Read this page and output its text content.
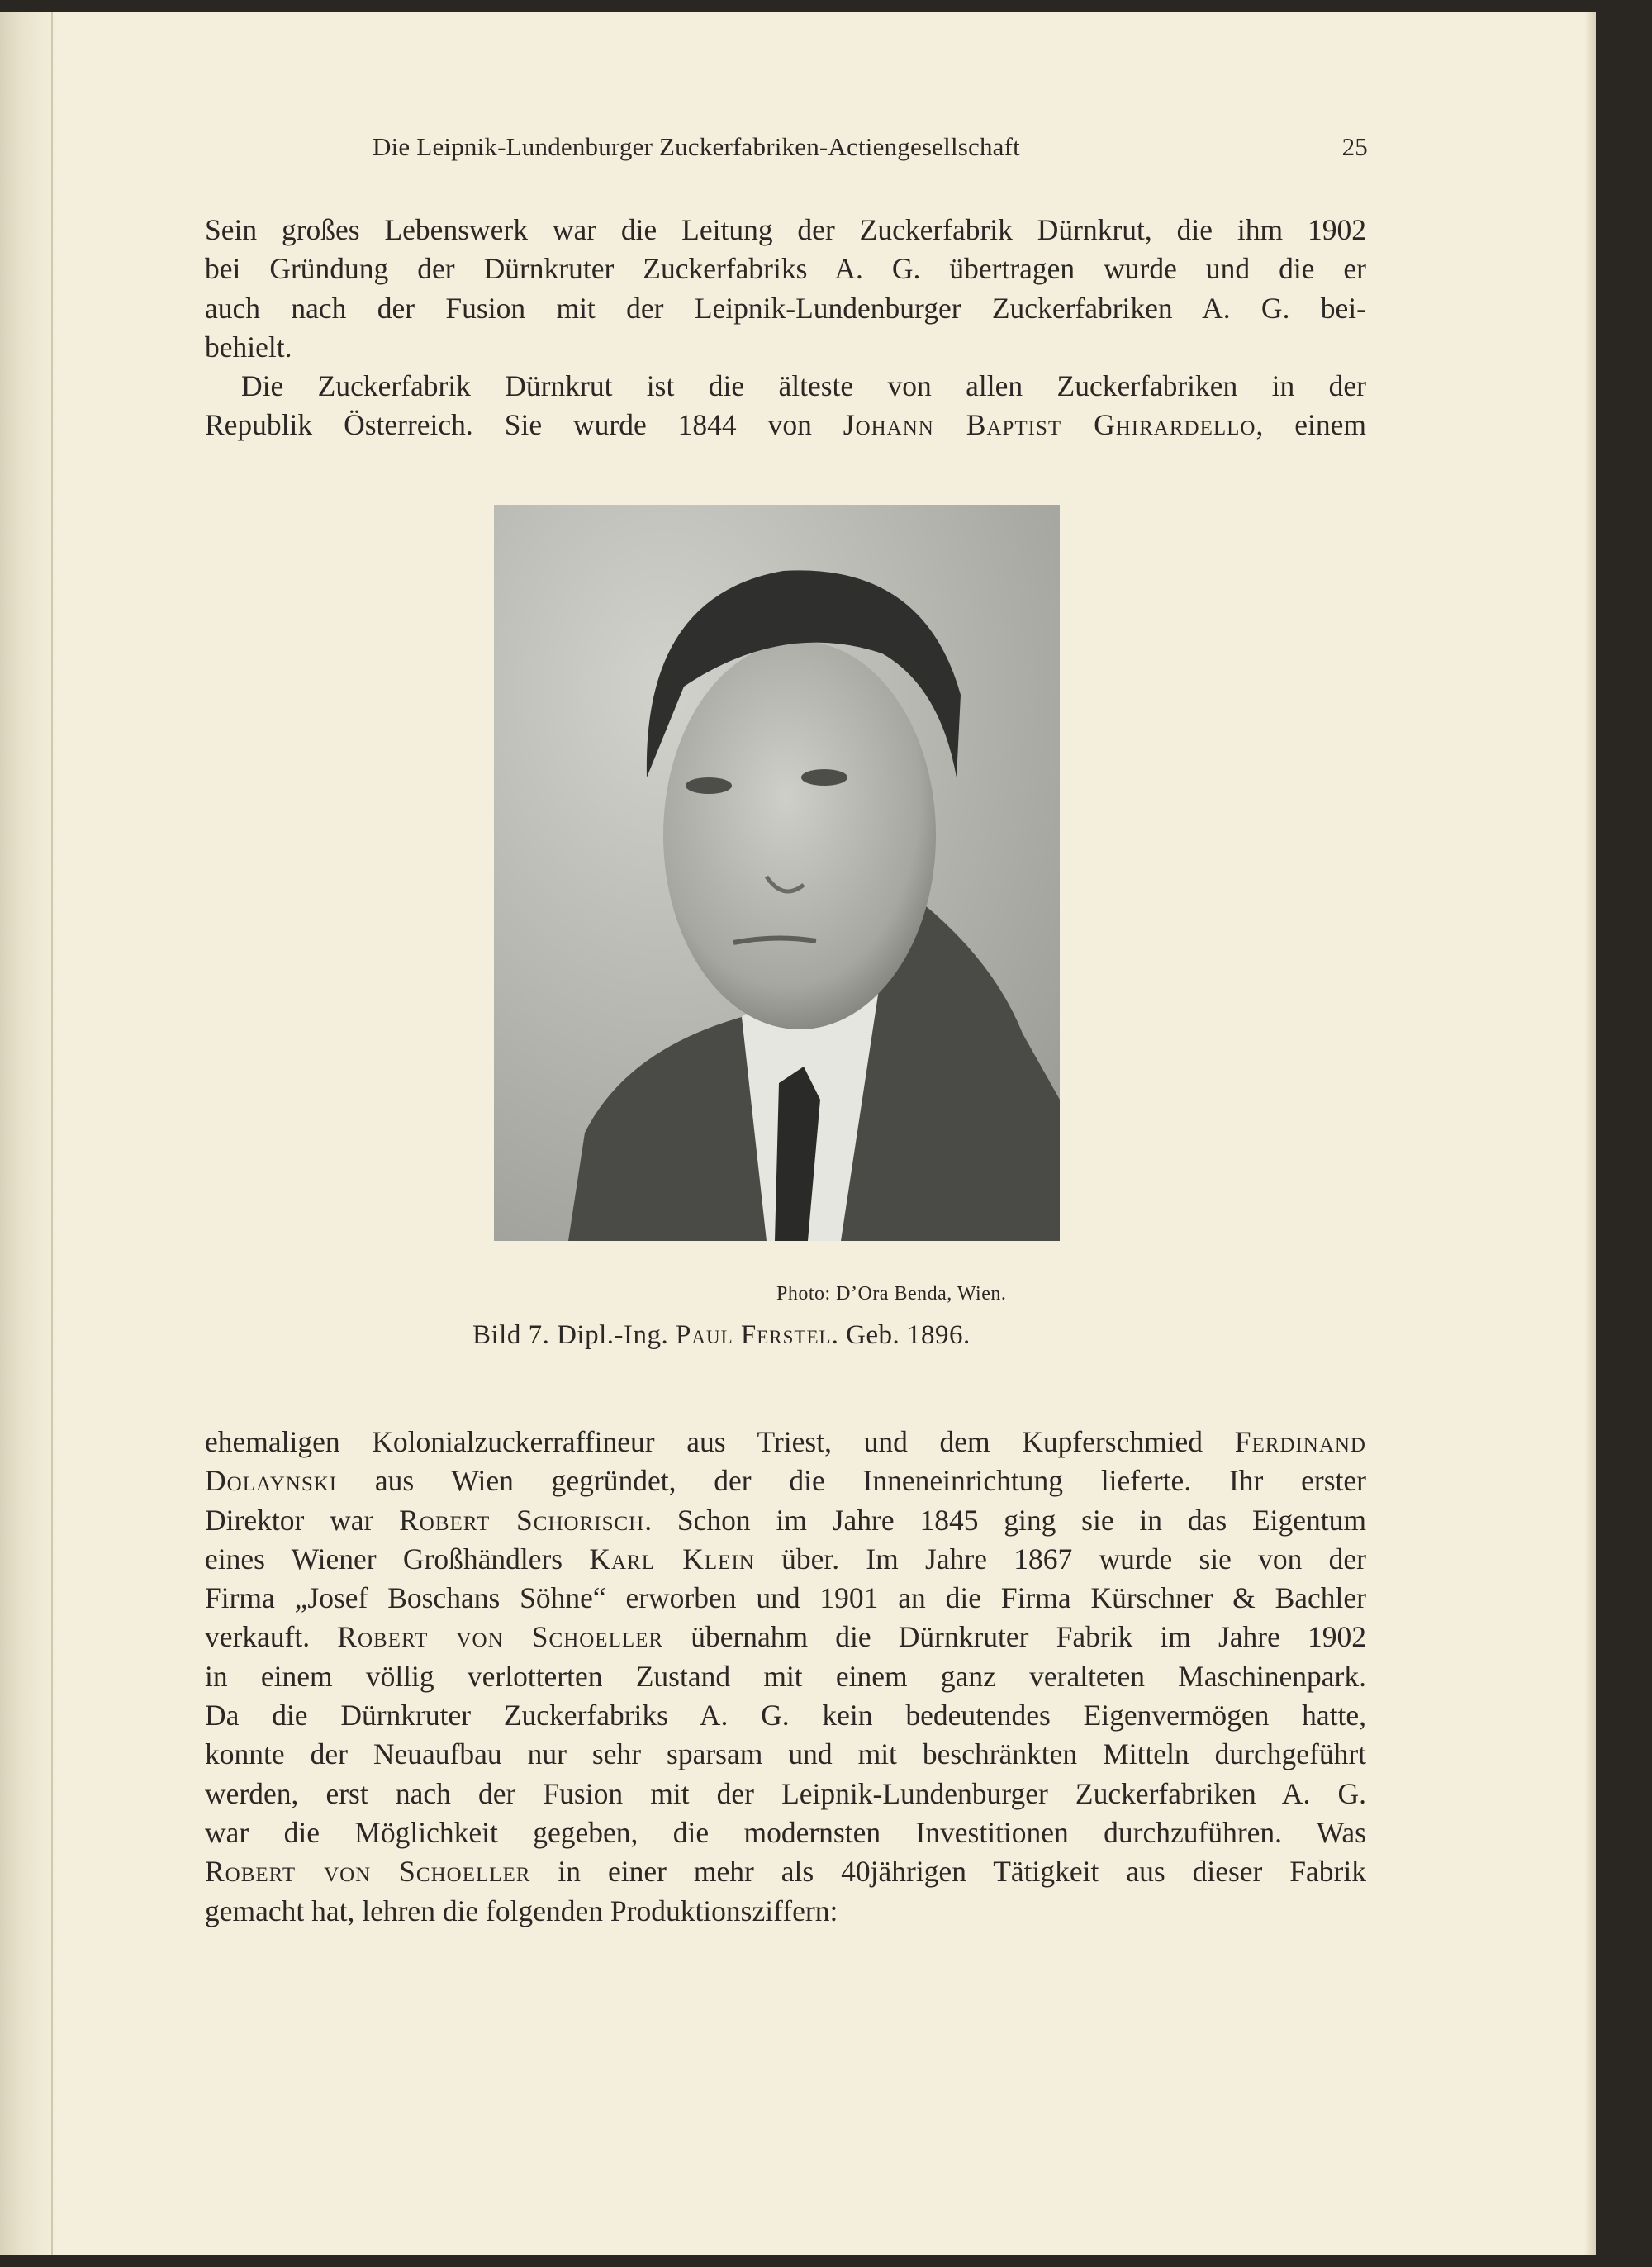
Die Leipnik-Lundenburger Zuckerfabriken-Actiengesellschaft	25
Sein großes Lebenswerk war die Leitung der Zuckerfabrik Dürnkrut, die ihm 1902
bei Gründung der Dürnkruter Zuckerfabriks A. G. übertragen wurde und die er
auch nach der Fusion mit der Leipnik-Lundenburger Zuckerfabriken A. G. bei-
behielt.
Die Zuckerfabrik Dürnkrut ist die älteste von allen Zuckerfabriken in der
Republik Österreich. Sie wurde 1844 von Johann Baptist Ghirardello, einem
Photo: D’Ora Benda, Wien.
Bild 7. Dipl.-Ing. Paul Ferstel. Geb. 1896.
ehemaligen Kolonialzuckerraffineur aus Triest, und dem Kupferschmied Ferdinand
Dolaynski aus Wien gegründet, der die Inneneinrichtung lieferte. Ihr erster
Direktor war Robert Schorisch. Schon im Jahre 1845 ging sie in das Eigentum
eines Wiener Großhändlers Karl Klein über. Im Jahre 1867 wurde sie von der
Firma „Josef Boschans Söhne“ erworben und 1901 an die Firma Kürschner & Bachler
verkauft. Robert von Schoeller übernahm die Dürnkruter Fabrik im Jahre 1902
in einem völlig verlotterten Zustand mit einem ganz veralteten Maschinenpark.
Da die Dürnkruter Zuckerfabriks A. G. kein bedeutendes Eigenvermögen hatte,
konnte der Neuaufbau nur sehr sparsam und mit beschränkten Mitteln durchgeführt
werden, erst nach der Fusion mit der Leipnik-Lundenburger Zuckerfabriken A. G.
war die Möglichkeit gegeben, die modernsten Investitionen durchzuführen. Was
Robert von Schoeller in einer mehr als 40jährigen Tätigkeit aus dieser Fabrik
gemacht hat, lehren die folgenden Produktionsziffern:
